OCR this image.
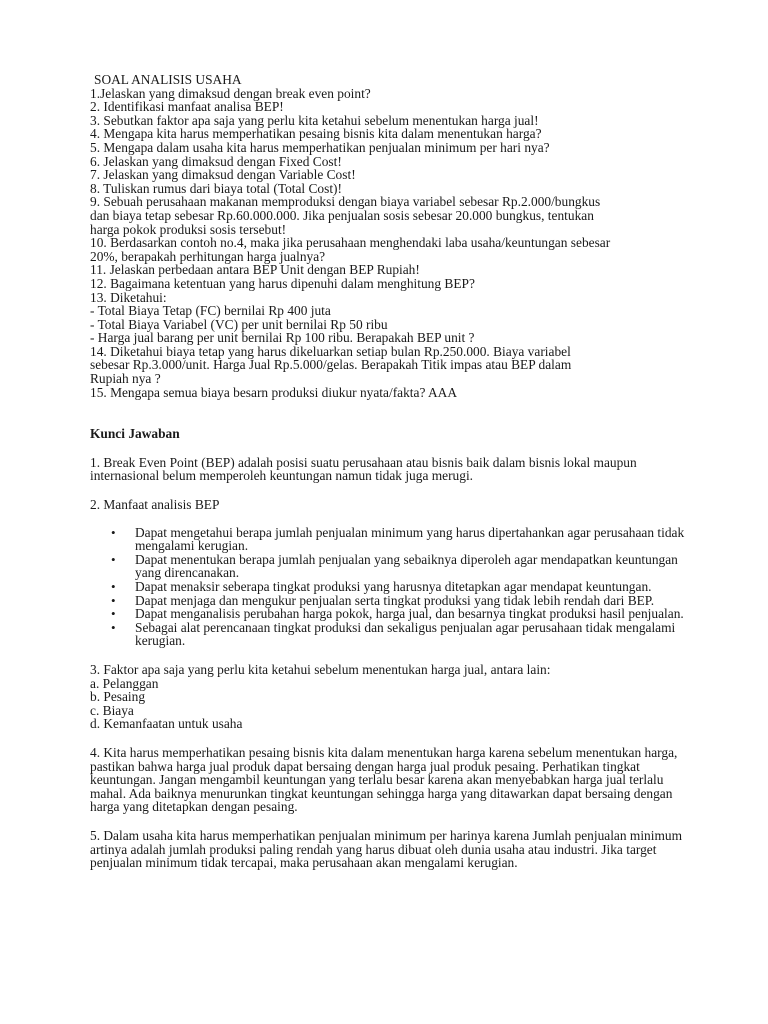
SOAL ANALISIS USAHA
1.Jelaskan yang dimaksud dengan break even point?
2. Identifikasi manfaat analisa BEP!
3. Sebutkan faktor apa saja yang perlu kita ketahui sebelum menentukan harga jual!
4. Mengapa kita harus memperhatikan pesaing bisnis kita dalam menentukan harga?
5. Mengapa dalam usaha kita harus memperhatikan penjualan minimum per hari nya?
6. Jelaskan yang dimaksud dengan Fixed Cost!
7. Jelaskan yang dimaksud dengan Variable Cost!
8. Tuliskan rumus dari biaya total (Total Cost)!
9. Sebuah perusahaan makanan memproduksi dengan biaya variabel sebesar Rp.2.000/bungkus
dan biaya tetap sebesar Rp.60.000.000. Jika penjualan sosis sebesar 20.000 bungkus, tentukan
harga pokok produksi sosis tersebut!
10. Berdasarkan contoh no.4, maka jika perusahaan menghendaki laba usaha/keuntungan sebesar
20%, berapakah perhitungan harga jualnya?
11. Jelaskan perbedaan antara BEP Unit dengan BEP Rupiah!
12. Bagaimana ketentuan yang harus dipenuhi dalam menghitung BEP?
13. Diketahui:
- Total Biaya Tetap (FC) bernilai Rp 400 juta
- Total Biaya Variabel (VC) per unit bernilai Rp 50 ribu
- Harga jual barang per unit bernilai Rp 100 ribu. Berapakah BEP unit ?
14. Diketahui biaya tetap yang harus dikeluarkan setiap bulan Rp.250.000. Biaya variabel
sebesar Rp.3.000/unit. Harga Jual Rp.5.000/gelas. Berapakah Titik impas atau BEP dalam
Rupiah nya ?
15. Mengapa semua biaya besarn produksi diukur nyata/fakta? AAA
Kunci Jawaban
1. Break Even Point (BEP) adalah posisi suatu perusahaan atau bisnis baik dalam bisnis lokal maupun internasional belum memperoleh keuntungan namun tidak juga merugi.
2. Manfaat analisis BEP
• Dapat mengetahui berapa jumlah penjualan minimum yang harus dipertahankan agar perusahaan tidak mengalami kerugian.
• Dapat menentukan berapa jumlah penjualan yang sebaiknya diperoleh agar mendapatkan keuntungan yang direncanakan.
• Dapat menaksir seberapa tingkat produksi yang harusnya ditetapkan agar mendapat keuntungan.
• Dapat menjaga dan mengukur penjualan serta tingkat produksi yang tidak lebih rendah dari BEP.
• Dapat menganalisis perubahan harga pokok, harga jual, dan besarnya tingkat produksi hasil penjualan.
• Sebagai alat perencanaan tingkat produksi dan sekaligus penjualan agar perusahaan tidak mengalami kerugian.
3. Faktor apa saja yang perlu kita ketahui sebelum menentukan harga jual, antara lain:
a. Pelanggan
b. Pesaing
c. Biaya
d. Kemanfaatan untuk usaha
4. Kita harus memperhatikan pesaing bisnis kita dalam menentukan harga karena sebelum menentukan harga, pastikan bahwa harga jual produk dapat bersaing dengan harga jual produk pesaing. Perhatikan tingkat keuntungan. Jangan mengambil keuntungan yang terlalu besar karena akan menyebabkan harga jual terlalu mahal. Ada baiknya menurunkan tingkat keuntungan sehingga harga yang ditawarkan dapat bersaing dengan harga yang ditetapkan dengan pesaing.
5. Dalam usaha kita harus memperhatikan penjualan minimum per harinya karena Jumlah penjualan minimum artinya adalah jumlah produksi paling rendah yang harus dibuat oleh dunia usaha atau industri. Jika target penjualan minimum tidak tercapai, maka perusahaan akan mengalami kerugian.
